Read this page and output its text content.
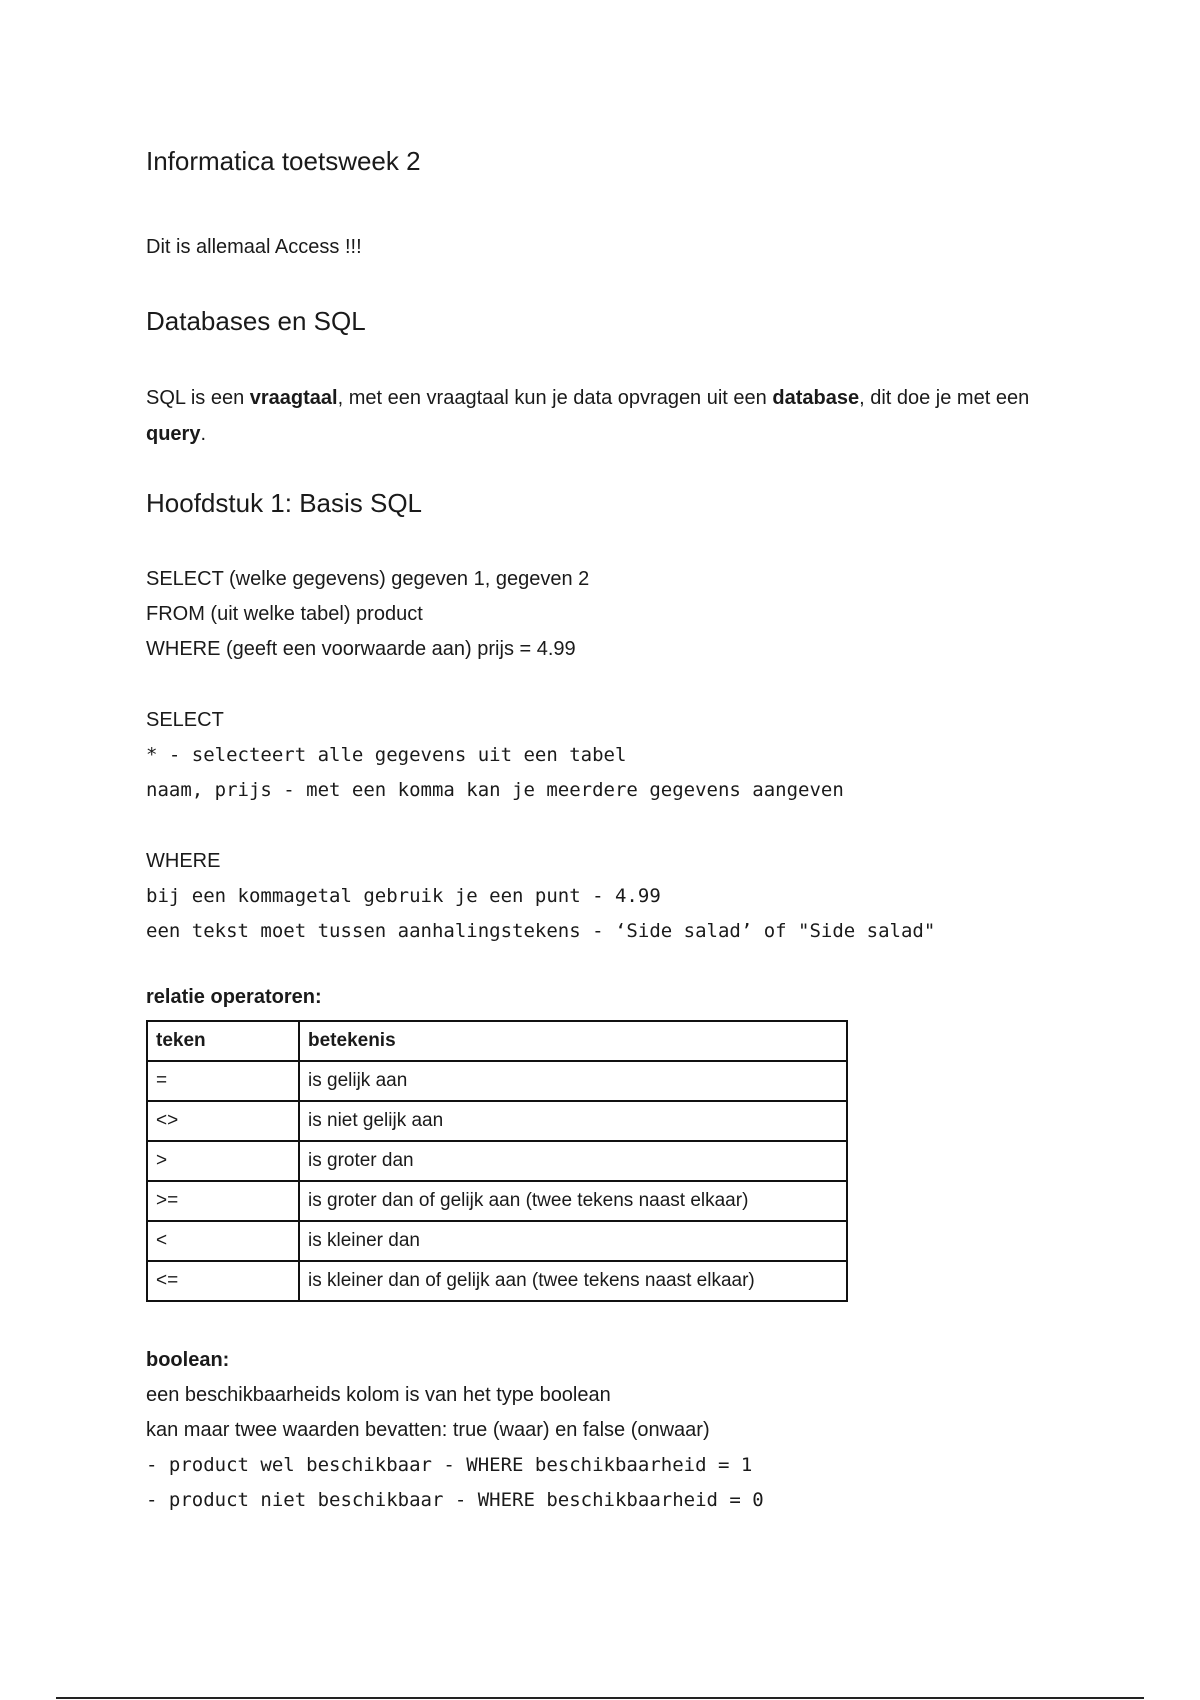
Informatica toetsweek 2

Dit is allemaal Access !!!

Databases en SQL

SQL is een vraagtaal, met een vraagtaal kun je data opvragen uit een database, dit doe je met een query.

Hoofdstuk 1: Basis SQL
SELECT (welke gegevens) gegeven 1, gegeven 2
FROM (uit welke tabel) product
WHERE (geeft een voorwaarde aan) prijs = 4.99
SELECT
* - selecteert alle gegevens uit een tabel
naam, prijs - met een komma kan je meerdere gegevens aangeven
WHERE
bij een kommagetal gebruik je een punt - 4.99
een tekst moet tussen aanhalingstekens - ‘Side salad’ of "Side salad"
relatie operatoren:
teken	betekenis
=	is gelijk aan
<>	is niet gelijk aan
>	is groter dan
>=	is groter dan of gelijk aan (twee tekens naast elkaar)
<	is kleiner dan
<=	is kleiner dan of gelijk aan (twee tekens naast elkaar)
boolean:
een beschikbaarheids kolom is van het type boolean
kan maar twee waarden bevatten: true (waar) en false (onwaar)
- product wel beschikbaar - WHERE beschikbaarheid = 1
- product niet beschikbaar - WHERE beschikbaarheid = 0
